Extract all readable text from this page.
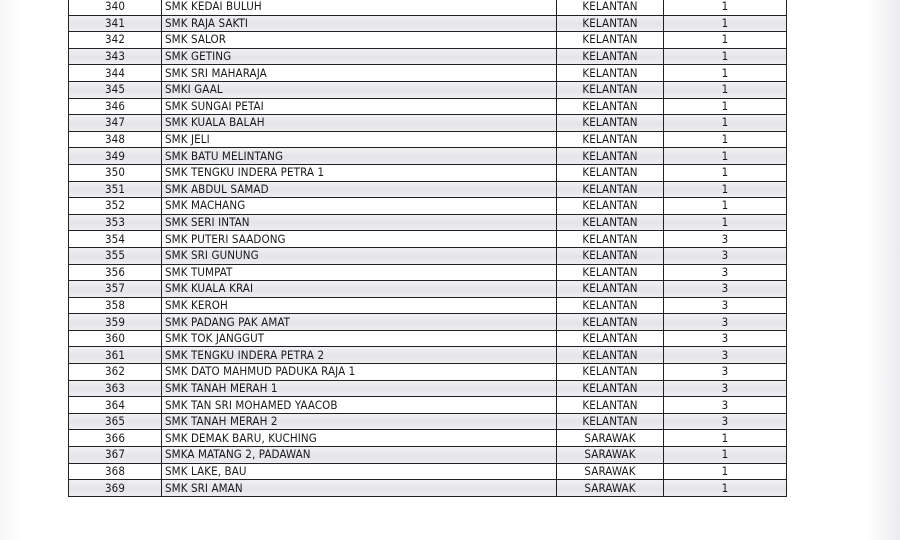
340	SMK KEDAI BULUH	KELANTAN	1
341	SMK RAJA SAKTI	KELANTAN	1
342	SMK SALOR	KELANTAN	1
343	SMK GETING	KELANTAN	1
344	SMK SRI MAHARAJA	KELANTAN	1
345	SMKI GAAL	KELANTAN	1
346	SMK SUNGAI PETAI	KELANTAN	1
347	SMK KUALA BALAH	KELANTAN	1
348	SMK JELI	KELANTAN	1
349	SMK BATU MELINTANG	KELANTAN	1
350	SMK TENGKU INDERA PETRA 1	KELANTAN	1
351	SMK ABDUL SAMAD	KELANTAN	1
352	SMK MACHANG	KELANTAN	1
353	SMK SERI INTAN	KELANTAN	1
354	SMK PUTERI SAADONG	KELANTAN	3
355	SMK SRI GUNUNG	KELANTAN	3
356	SMK TUMPAT	KELANTAN	3
357	SMK KUALA KRAI	KELANTAN	3
358	SMK KEROH	KELANTAN	3
359	SMK PADANG PAK AMAT	KELANTAN	3
360	SMK TOK JANGGUT	KELANTAN	3
361	SMK TENGKU INDERA PETRA 2	KELANTAN	3
362	SMK DATO MAHMUD PADUKA RAJA 1	KELANTAN	3
363	SMK TANAH MERAH 1	KELANTAN	3
364	SMK TAN SRI MOHAMED YAACOB	KELANTAN	3
365	SMK TANAH MERAH 2	KELANTAN	3
366	SMK DEMAK BARU, KUCHING	SARAWAK	1
367	SMKA MATANG 2, PADAWAN	SARAWAK	1
368	SMK LAKE, BAU	SARAWAK	1
369	SMK SRI AMAN	SARAWAK	1
